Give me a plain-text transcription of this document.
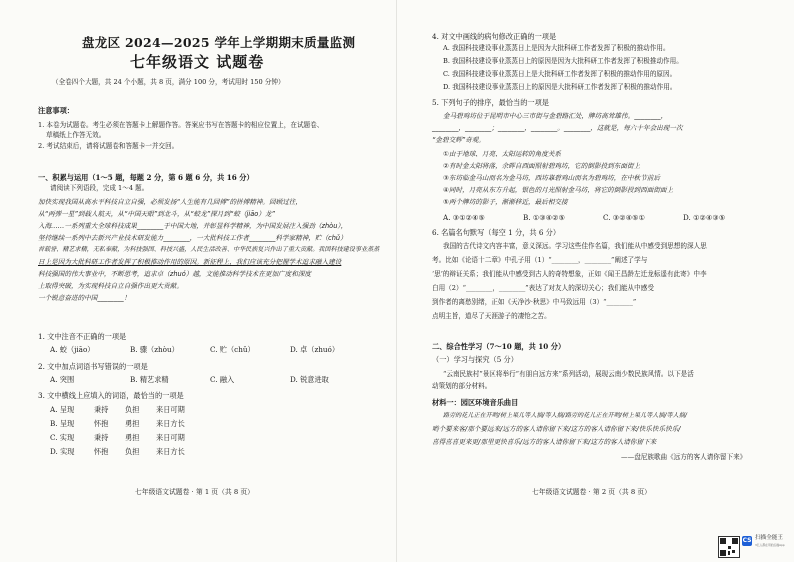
盘龙区 2024—2025 学年上学期期末质量监测
七年级语文 试题卷
（全卷四个大题，共 24 个小题，共 8 页，满分 100 分，考试用时 150 分钟）
注意事项：
1. 本卷为试题卷。考生必须在答题卡上解题作答。答案应书写在答题卡的相应位置上，在试题卷、
草稿纸上作答无效。
2. 考试结束后，请将试题卷和答题卡一并交回。
一、积累与运用（1～5 题，每题 2 分，第 6 题 6 分，共 16 分）
请阅读下列语段，完成 1～4 题。
加快实现我国从高水平科技自立自强，必须发扬“人生能有几回搏”的拼搏精神。回顾过往，
从“两弹一星”到载人航天，从“中国天眼”到北斗，从“蛟龙”探月到“蛟（jiāo）龙”
入海……一系列重大全球科技成果________于中国大地，并彰显科学精神，为中国发展注入强劲（zhòu），
坚持继续一系列中去新兴产业技术研发能力________，一大批科技工作者________科学家精神，贮（chǔ）
首载誉、精艺求精，无私奉献，为科技强国、科技兴盛，人民生活改善、中华民族复兴作出了重大贡献。我国科技建设事业蒸蒸
日上是因为大批科研工作者发挥了积极推动作用的原因。新征程上，我们应该充分把握学术追求融入建设
科技强国的伟大事业中，不断思考，追求卓（zhuó）越，文能推动科学技术在更加广度和深度
上取得突破，为实现科技自立自强作出更大贡献。
一个锐意奋进的中国________！
1. 文中注音不正确的一项是
A. 蛟（jiāo）	B. 骤（zhòu）	C. 贮（chǔ）	D. 卓（zhuó）
2. 文中加点词语书写错误的一项是
A. 突围	B. 精艺求精	C. 融入	D. 锐意进取
3. 文中横线上应填入的词语，最恰当的一项是
A. 呈现	秉持 负担 来日可期
B. 呈现	怀抱 勇担 来日方长
C. 实现	秉持 勇担 来日可期
D. 实现	怀抱 负担 来日方长
七年级语文试题卷 · 第 1 页（共 8 页）
4. 对文中画线的病句修改正确的一项是
A. 我国科技建设事业蒸蒸日上是因为大批科研工作者发挥了积极的推动作用。
B. 我国科技建设事业蒸蒸日上的原因是因为大批科研工作者发挥了积极推动作用。
C. 我国科技建设事业蒸蒸日上是大批科研工作者发挥了积极的推动作用的原因。
D. 我国科技建设事业蒸蒸日上的原因是大批科研工作者发挥了积极的推动作用。
5. 下列句子的排序，最恰当的一项是
金马碧鸡坊位于昆明市中心三市街与金碧路汇处，牌坊高耸雄伟。________，
________，________；________，________。________，这就是，每六十年会出现一次
“金碧交辉”奇观。
①由于地球、月亮、太阳运转的角度关系
②有时金太阳将落，余晖自西面照射碧鸡坊，它的倒影投到东面街上
③东坊临金马山而名为金马坊，西坊靠碧鸡山而名为碧鸡坊，在中秋节前后
④同时，月亮从东方升起，银色的月光照射金马坊，将它的倒影投到西面街面上
⑤两个牌坊的影子，渐渐移近，最后相交接
A. ③①②④⑤	B. ①③④②⑤	C. ③②④⑤①	D. ①②④③⑤
6. 名篇名句默写（每空 1 分，共 6 分）
我国的古代诗文内容丰富，意义深远。学习这些佳作名篇，我们能从中感受到思想的深人思
考。比如《论语十二章》中孔子用（1）“________，________”阐述了学与
‘思’的辩证关系；我们能从中感受到古人的奇特想象，正如《闻王昌龄左迁龙标遥有此寄》中李
白用（2）“________，________”表达了对友人的深切关心；我们能从中感受
到作者的离愁别绪，正如《天净沙·秋思》中马致远用（3）“________”
点明主旨，道尽了天涯游子的凄怆之苦。
二、综合性学习（7～10 题，共 10 分）
（一）学习与探究（5 分）
“云南民族村”景区将举行“有朋自远方来”系列活动，展现云南少数民族风情。以下是活
动策划的部分材料。
材料一：园区环境音乐曲目
路旁的花儿正在开哟/树上果儿等人摘/等人摘/路旁的花儿正在开哟/树上果儿等人摘/等人摘/
哟个要来客/那个要远来/远方的客人请你留下来/这方的客人请你留下来/快乐快乐快乐/
喜得喜喜更来更/那里更快喜乐/远方的客人请你留下来/这方的客人请你留下来
——盘尼族歌曲《远方的客人请你留下来》
七年级语文试题卷 · 第 2 页（共 8 页）
CS 扫描全能王
3亿人都在用的扫描App
